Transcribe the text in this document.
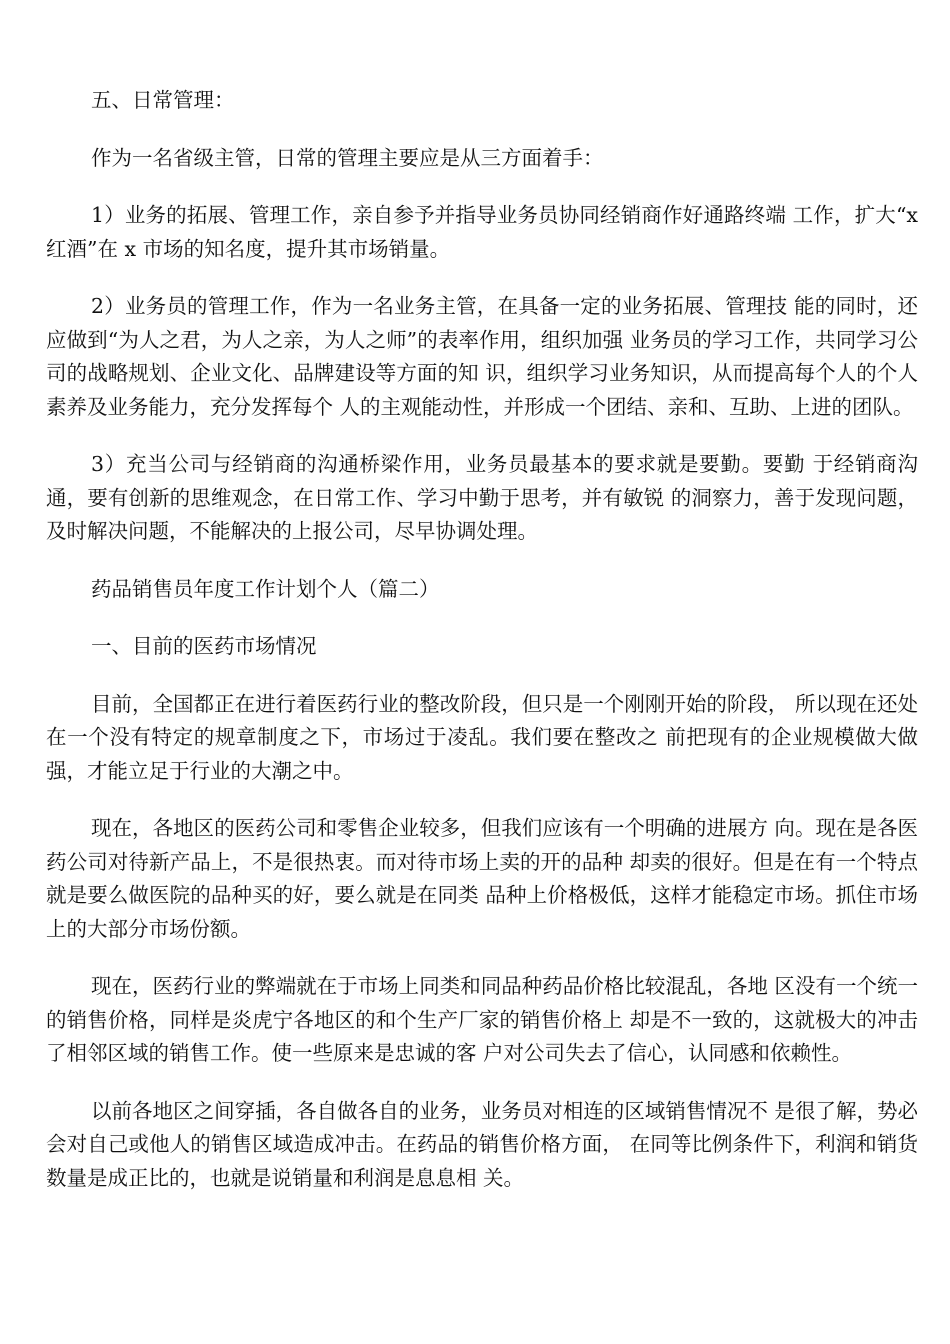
五、日常管理：

作为一名省级主管，日常的管理主要应是从三方面着手：

1）业务的拓展、管理工作，亲自参予并指导业务员协同经销商作好通路终端 工作，扩大“x 红酒”在 x 市场的知名度，提升其市场销量。

2）业务员的管理工作，作为一名业务主管，在具备一定的业务拓展、管理技 能的同时，还应做到“为人之君，为人之亲，为人之师”的表率作用，组织加强 业务员的学习工作，共同学习公司的战略规划、企业文化、品牌建设等方面的知 识，组织学习业务知识，从而提高每个人的个人素养及业务能力，充分发挥每个 人的主观能动性，并形成一个团结、亲和、互助、上进的团队。

3）充当公司与经销商的沟通桥梁作用，业务员最基本的要求就是要勤。要勤 于经销商沟通，要有创新的思维观念，在日常工作、学习中勤于思考，并有敏锐 的洞察力，善于发现问题，及时解决问题，不能解决的上报公司，尽早协调处理。

药品销售员年度工作计划个人（篇二）

一、目前的医药市场情况

目前，全国都正在进行着医药行业的整改阶段，但只是一个刚刚开始的阶段， 所以现在还处在一个没有特定的规章制度之下，市场过于凌乱。我们要在整改之 前把现有的企业规模做大做强，才能立足于行业的大潮之中。

现在，各地区的医药公司和零售企业较多，但我们应该有一个明确的进展方 向。现在是各医药公司对待新产品上，不是很热衷。而对待市场上卖的开的品种 却卖的很好。但是在有一个特点就是要么做医院的品种买的好，要么就是在同类 品种上价格极低，这样才能稳定市场。抓住市场上的大部分市场份额。

现在，医药行业的弊端就在于市场上同类和同品种药品价格比较混乱，各地 区没有一个统一的销售价格，同样是炎虎宁各地区的和个生产厂家的销售价格上 却是不一致的，这就极大的冲击了相邻区域的销售工作。使一些原来是忠诚的客 户对公司失去了信心，认同感和依赖性。

以前各地区之间穿插，各自做各自的业务，业务员对相连的区域销售情况不 是很了解，势必会对自己或他人的销售区域造成冲击。在药品的销售价格方面， 在同等比例条件下，利润和销货数量是成正比的，也就是说销量和利润是息息相 关。
